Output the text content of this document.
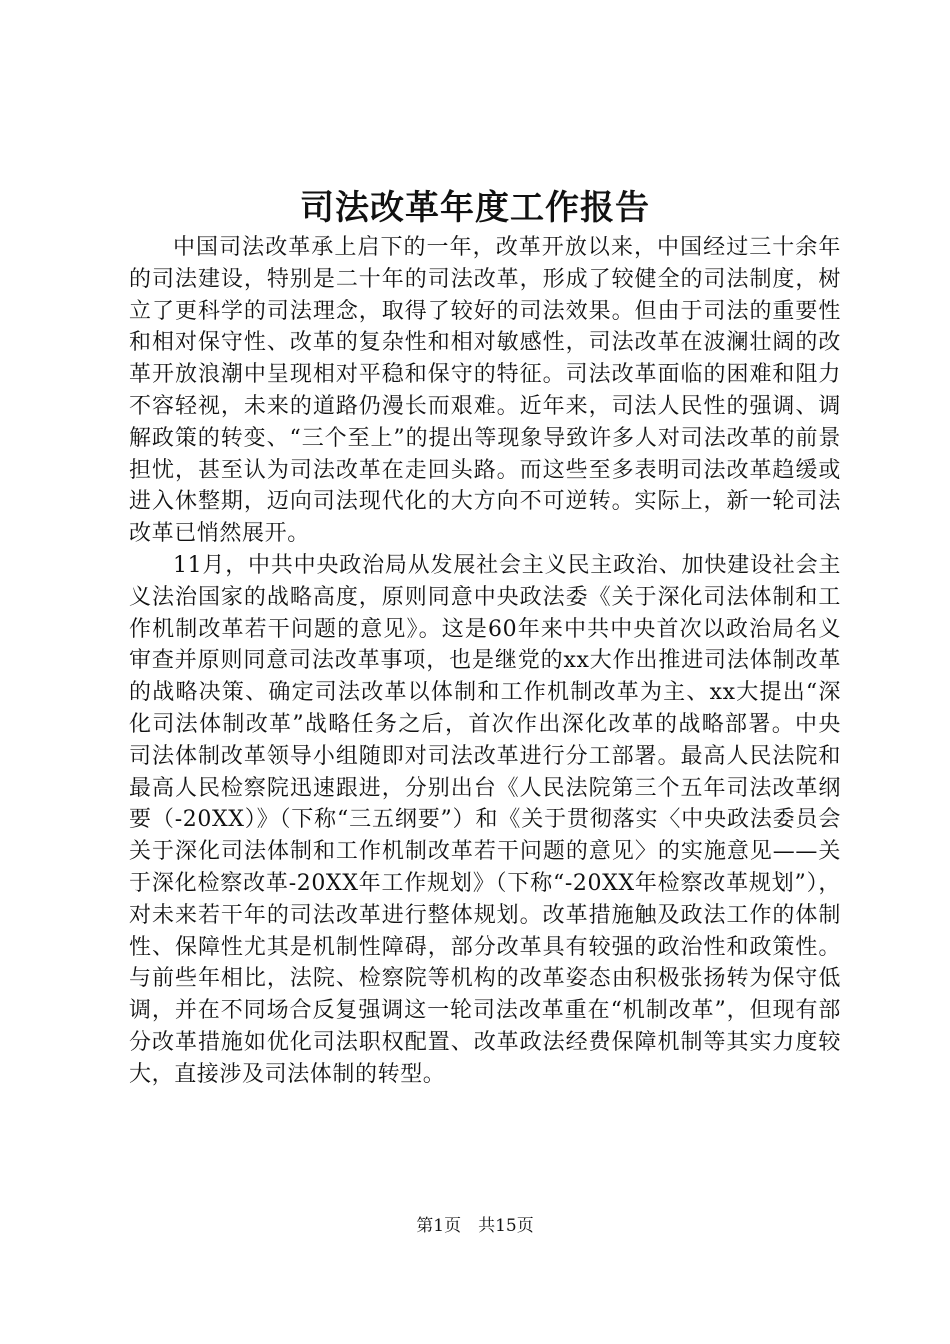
司法改革年度工作报告

中国司法改革承上启下的一年，改革开放以来，中国经过三十余年的司法建设，特别是二十年的司法改革，形成了较健全的司法制度，树立了更科学的司法理念，取得了较好的司法效果。但由于司法的重要性和相对保守性、改革的复杂性和相对敏感性，司法改革在波澜壮阔的改革开放浪潮中呈现相对平稳和保守的特征。司法改革面临的困难和阻力不容轻视，未来的道路仍漫长而艰难。近年来，司法人民性的强调、调解政策的转变、“三个至上”的提出等现象导致许多人对司法改革的前景担忧，甚至认为司法改革在走回头路。而这些至多表明司法改革趋缓或进入休整期，迈向司法现代化的大方向不可逆转。实际上，新一轮司法改革已悄然展开。

11月，中共中央政治局从发展社会主义民主政治、加快建设社会主义法治国家的战略高度，原则同意中央政法委《关于深化司法体制和工作机制改革若干问题的意见》。这是60年来中共中央首次以政治局名义审查并原则同意司法改革事项，也是继党的xx大作出推进司法体制改革的战略决策、确定司法改革以体制和工作机制改革为主、xx大提出“深化司法体制改革”战略任务之后，首次作出深化改革的战略部署。中央司法体制改革领导小组随即对司法改革进行分工部署。最高人民法院和最高人民检察院迅速跟进，分别出台《人民法院第三个五年司法改革纲要（-20XX）》（下称“三五纲要”）和《关于贯彻落实〈中央政法委员会关于深化司法体制和工作机制改革若干问题的意见〉的实施意见——关于深化检察改革-20XX年工作规划》（下称“-20XX年检察改革规划”），对未来若干年的司法改革进行整体规划。改革措施触及政法工作的体制性、保障性尤其是机制性障碍，部分改革具有较强的政治性和政策性。与前些年相比，法院、检察院等机构的改革姿态由积极张扬转为保守低调，并在不同场合反复强调这一轮司法改革重在“机制改革”，但现有部分改革措施如优化司法职权配置、改革政法经费保障机制等其实力度较大，直接涉及司法体制的转型。

第1页  共15页
